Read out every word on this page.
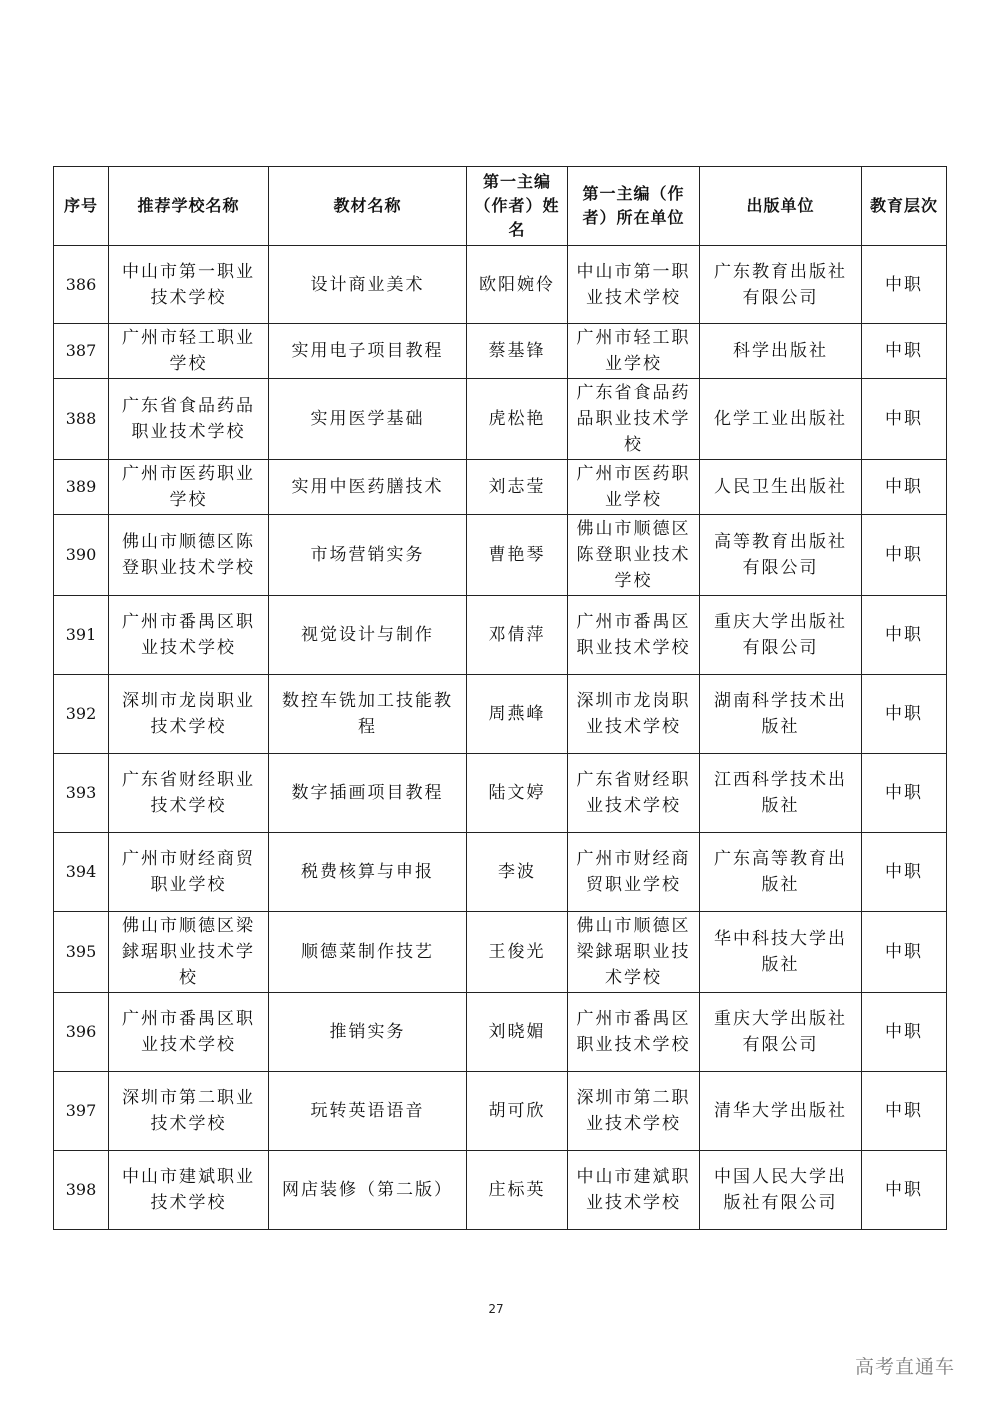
序号	推荐学校名称	教材名称	第一主编（作者）姓名	第一主编（作者）所在单位	出版单位	教育层次
386	中山市第一职业技术学校	设计商业美术	欧阳婉伶	中山市第一职业技术学校	广东教育出版社有限公司	中职
387	广州市轻工职业学校	实用电子项目教程	蔡基锋	广州市轻工职业学校	科学出版社	中职
388	广东省食品药品职业技术学校	实用医学基础	虎松艳	广东省食品药品职业技术学校	化学工业出版社	中职
389	广州市医药职业学校	实用中医药膳技术	刘志莹	广州市医药职业学校	人民卫生出版社	中职
390	佛山市顺德区陈登职业技术学校	市场营销实务	曹艳琴	佛山市顺德区陈登职业技术学校	高等教育出版社有限公司	中职
391	广州市番禺区职业技术学校	视觉设计与制作	邓倩萍	广州市番禺区职业技术学校	重庆大学出版社有限公司	中职
392	深圳市龙岗职业技术学校	数控车铣加工技能教程	周燕峰	深圳市龙岗职业技术学校	湖南科学技术出版社	中职
393	广东省财经职业技术学校	数字插画项目教程	陆文婷	广东省财经职业技术学校	江西科学技术出版社	中职
394	广州市财经商贸职业学校	税费核算与申报	李波	广州市财经商贸职业学校	广东高等教育出版社	中职
395	佛山市顺德区梁銶琚职业技术学校	顺德菜制作技艺	王俊光	佛山市顺德区梁銶琚职业技术学校	华中科技大学出版社	中职
396	广州市番禺区职业技术学校	推销实务	刘晓媚	广州市番禺区职业技术学校	重庆大学出版社有限公司	中职
397	深圳市第二职业技术学校	玩转英语语音	胡可欣	深圳市第二职业技术学校	清华大学出版社	中职
398	中山市建斌职业技术学校	网店装修（第二版）	庄标英	中山市建斌职业技术学校	中国人民大学出版社有限公司	中职
27
高考直通车
